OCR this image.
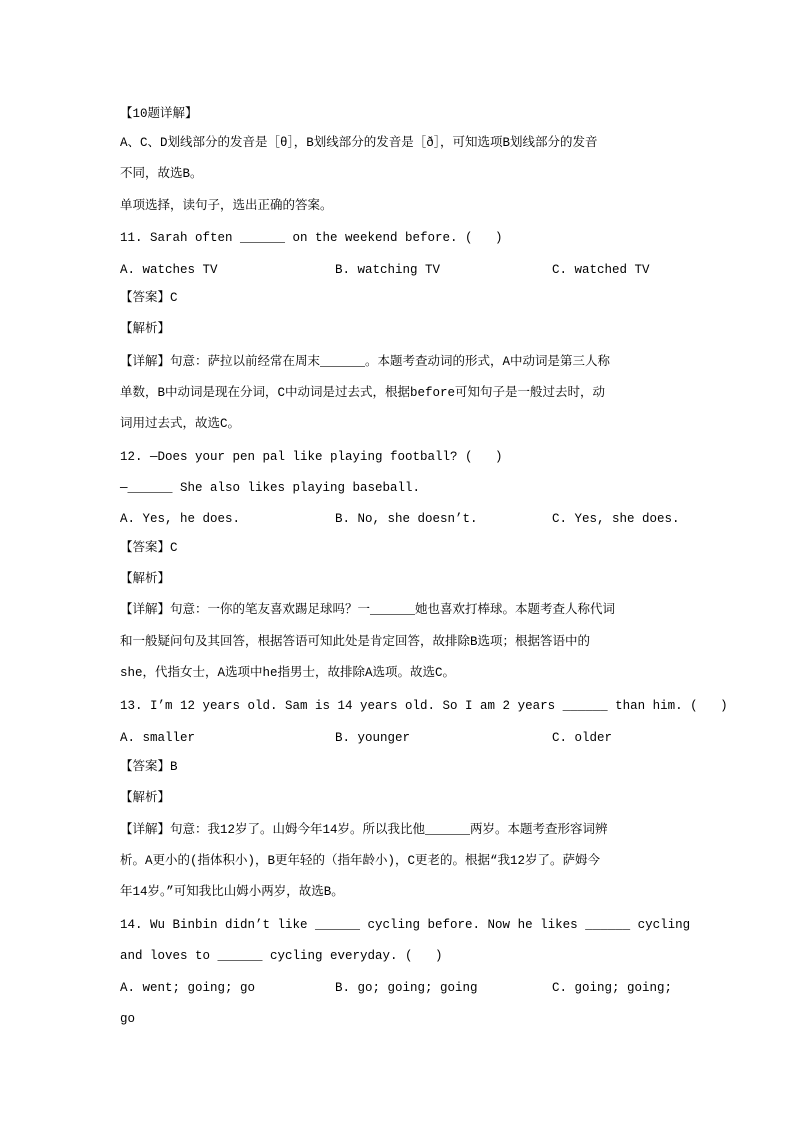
【10题详解】
A、C、D划线部分的发音是［θ］，B划线部分的发音是［ð］，可知选项B划线部分的发音
不同，故选B。
单项选择，读句子，选出正确的答案。
11. Sarah often ______ on the weekend before. (   )
A. watches TV	B. watching TV	C. watched TV
【答案】C
【解析】
【详解】句意：萨拉以前经常在周末______。本题考查动词的形式，A中动词是第三人称
单数，B中动词是现在分词，C中动词是过去式，根据before可知句子是一般过去时，动
词用过去式，故选C。
12. —Does your pen pal like playing football? (   )
—______ She also likes playing baseball.
A. Yes, he does.	B. No, she doesn’t.	C. Yes, she does.
【答案】C
【解析】
【详解】句意：一你的笔友喜欢踢足球吗？一______她也喜欢打棒球。本题考查人称代词
和一般疑问句及其回答，根据答语可知此处是肯定回答，故排除B选项；根据答语中的
she，代指女士，A选项中he指男士，故排除A选项。故选C。
13. I’m 12 years old. Sam is 14 years old. So I am 2 years ______ than him. (   )
A. smaller	B. younger	C. older
【答案】B
【解析】
【详解】句意：我12岁了。山姆今年14岁。所以我比他______两岁。本题考查形容词辨
析。A更小的(指体积小)，B更年轻的（指年龄小)，C更老的。根据“我12岁了。萨姆今
年14岁。”可知我比山姆小两岁，故选B。
14. Wu Binbin didn’t like ______ cycling before. Now he likes ______ cycling
and loves to ______ cycling everyday. (   )
A. went; going; go	B. go; going; going	C. going; going;
go
